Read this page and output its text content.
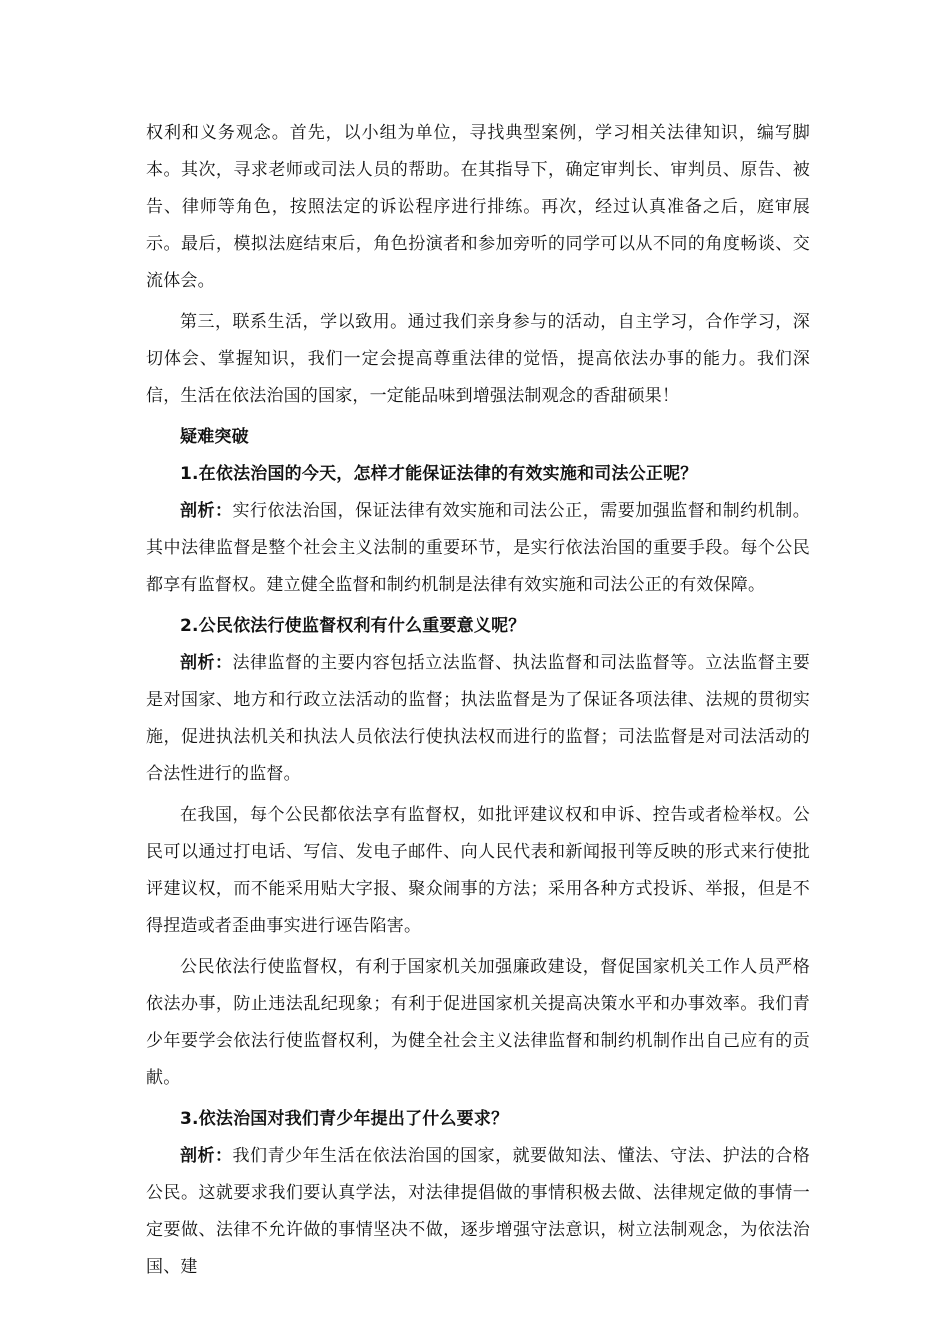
权利和义务观念。首先，以小组为单位，寻找典型案例，学习相关法律知识，编写脚本。其次，寻求老师或司法人员的帮助。在其指导下，确定审判长、审判员、原告、被告、律师等角色，按照法定的诉讼程序进行排练。再次，经过认真准备之后，庭审展示。最后，模拟法庭结束后，角色扮演者和参加旁听的同学可以从不同的角度畅谈、交流体会。

第三，联系生活，学以致用。通过我们亲身参与的活动，自主学习，合作学习，深切体会、掌握知识，我们一定会提高尊重法律的觉悟，提高依法办事的能力。我们深信，生活在依法治国的国家，一定能品味到增强法制观念的香甜硕果！

疑难突破

1.在依法治国的今天，怎样才能保证法律的有效实施和司法公正呢？

剖析：实行依法治国，保证法律有效实施和司法公正，需要加强监督和制约机制。其中法律监督是整个社会主义法制的重要环节，是实行依法治国的重要手段。每个公民都享有监督权。建立健全监督和制约机制是法律有效实施和司法公正的有效保障。

2.公民依法行使监督权利有什么重要意义呢？

剖析：法律监督的主要内容包括立法监督、执法监督和司法监督等。立法监督主要是对国家、地方和行政立法活动的监督；执法监督是为了保证各项法律、法规的贯彻实施，促进执法机关和执法人员依法行使执法权而进行的监督；司法监督是对司法活动的合法性进行的监督。

在我国，每个公民都依法享有监督权，如批评建议权和申诉、控告或者检举权。公民可以通过打电话、写信、发电子邮件、向人民代表和新闻报刊等反映的形式来行使批评建议权，而不能采用贴大字报、聚众闹事的方法；采用各种方式投诉、举报，但是不得捏造或者歪曲事实进行诬告陷害。

公民依法行使监督权，有利于国家机关加强廉政建设，督促国家机关工作人员严格依法办事，防止违法乱纪现象；有利于促进国家机关提高决策水平和办事效率。我们青少年要学会依法行使监督权利，为健全社会主义法律监督和制约机制作出自己应有的贡献。

3.依法治国对我们青少年提出了什么要求？

剖析：我们青少年生活在依法治国的国家，就要做知法、懂法、守法、护法的合格公民。这就要求我们要认真学法，对法律提倡做的事情积极去做、法律规定做的事情一定要做、法律不允许做的事情坚决不做，逐步增强守法意识，树立法制观念，为依法治国、建
